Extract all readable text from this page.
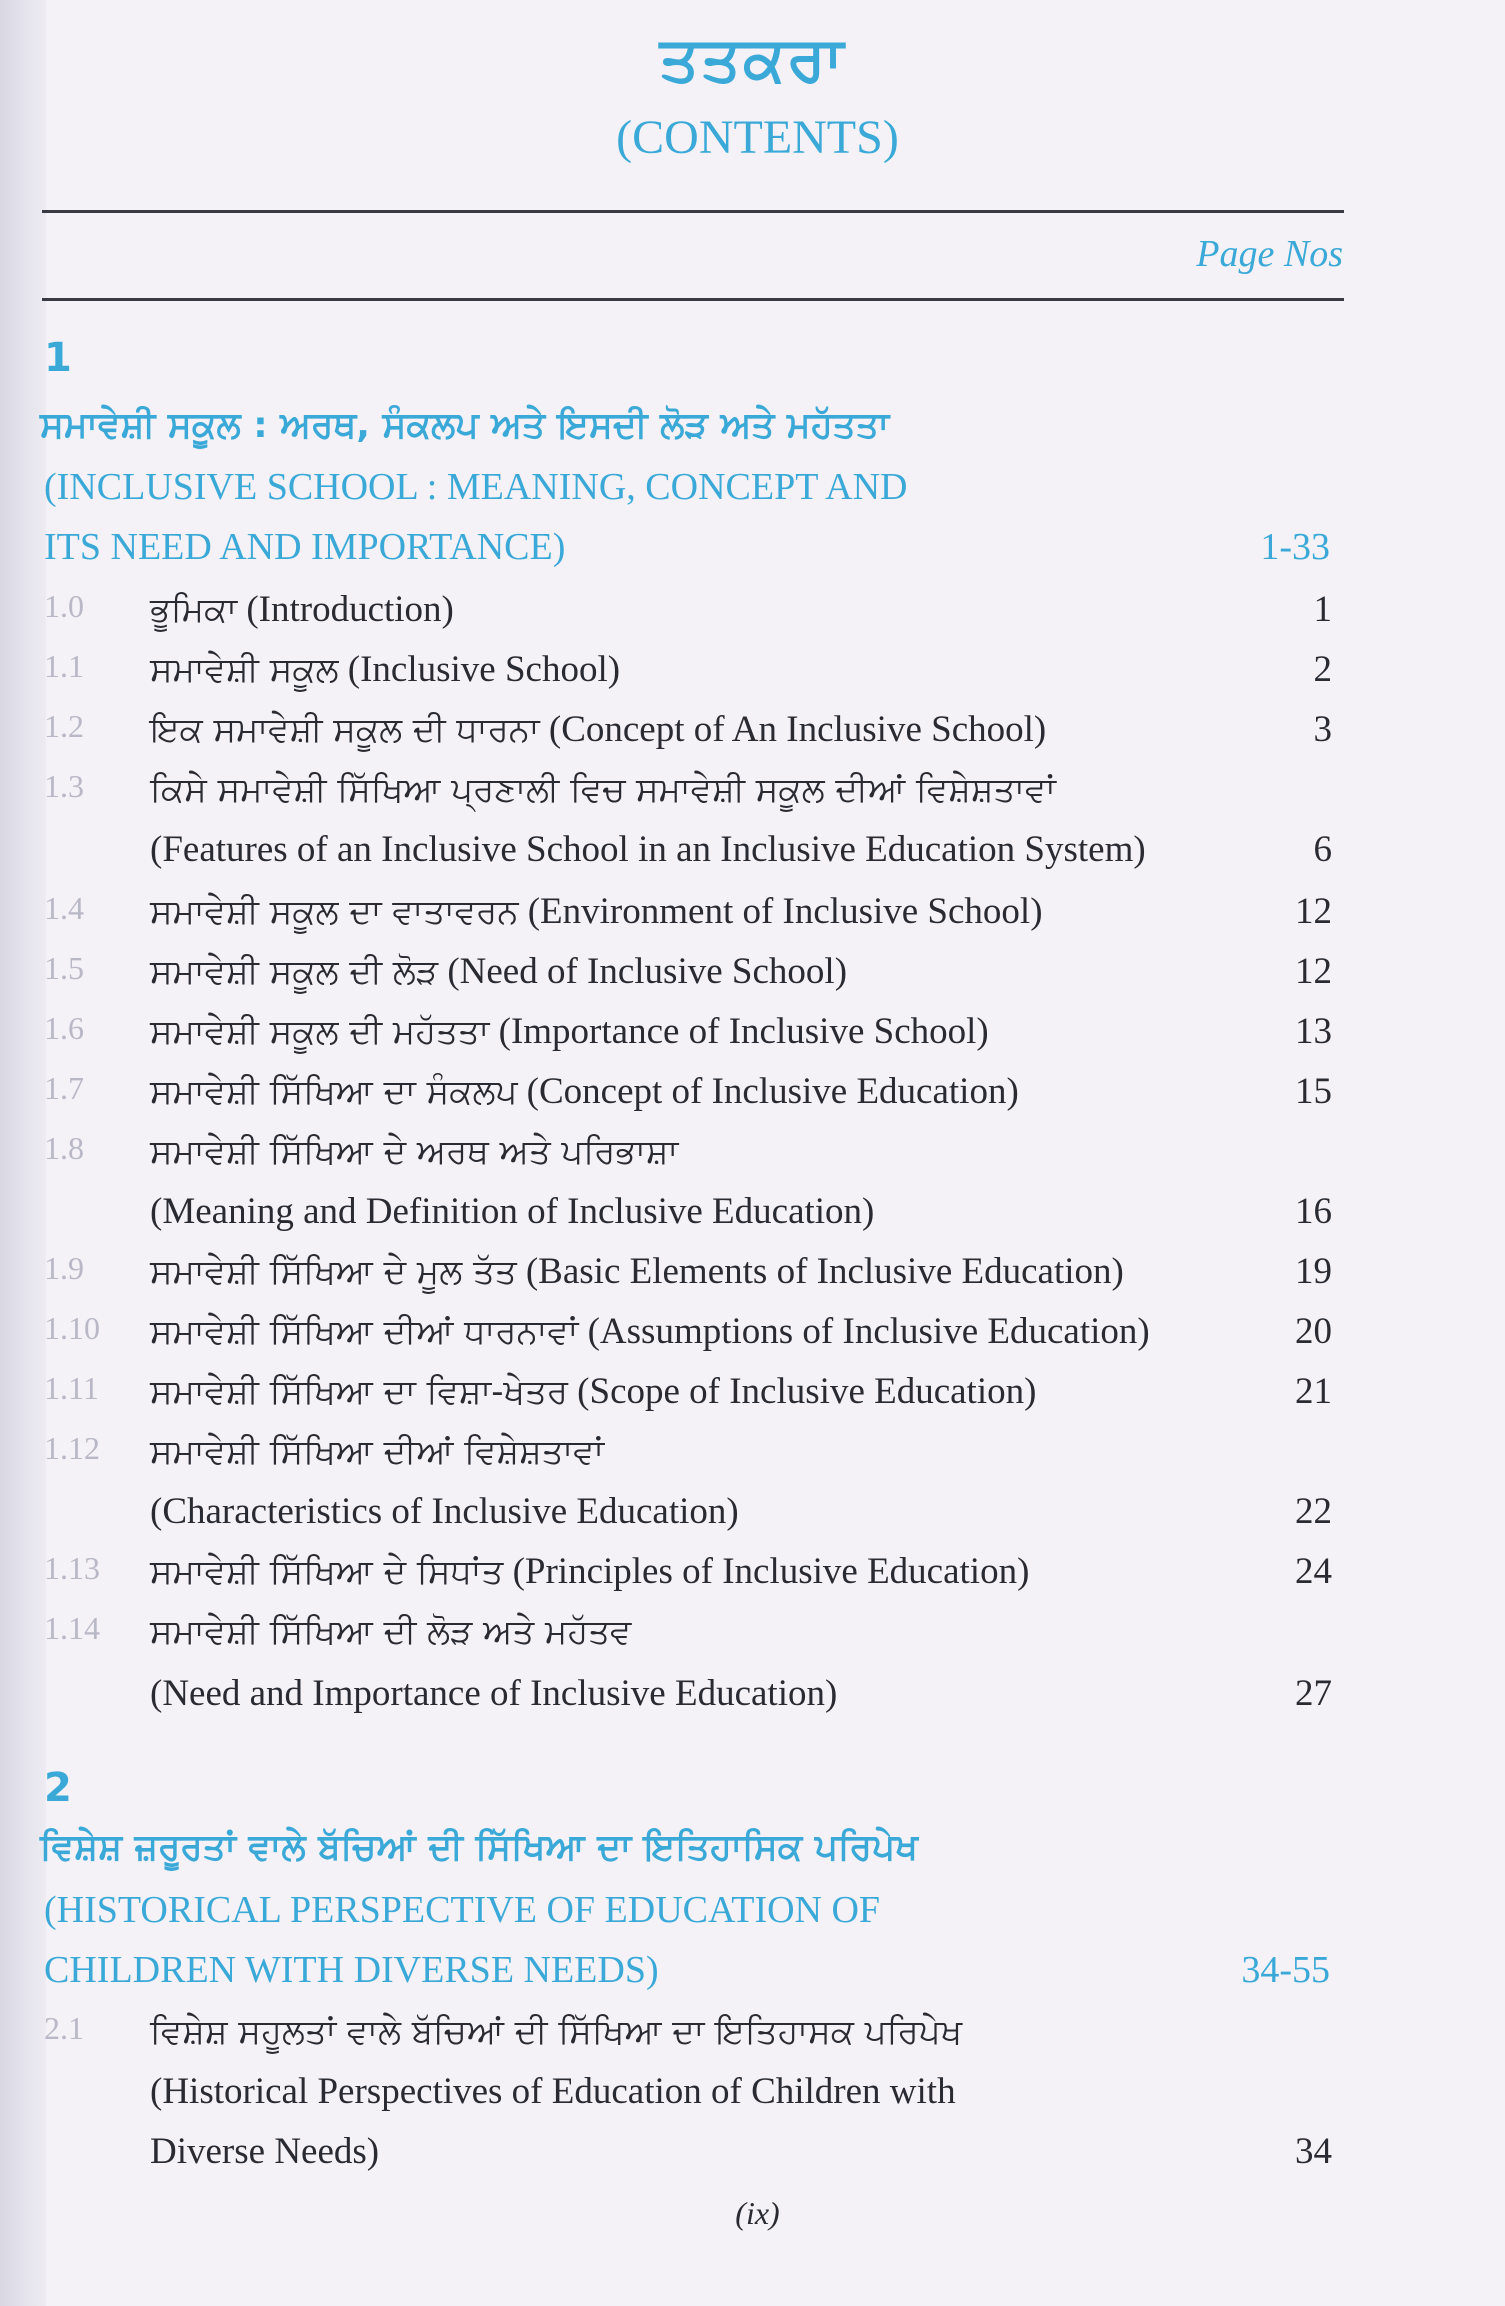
ਤਤਕਰਾ
(CONTENTS)
Page Nos
1
ਸਮਾਵੇਸ਼ੀ ਸਕੂਲ : ਅਰਥ, ਸੰਕਲਪ ਅਤੇ ਇਸਦੀ ਲੋੜ ਅਤੇ ਮਹੱਤਤਾ
(INCLUSIVE SCHOOL : MEANING, CONCEPT AND
ITS NEED AND IMPORTANCE)	1-33
1.0	ਭੂਮਿਕਾ (Introduction)	1
1.1	ਸਮਾਵੇਸ਼ੀ ਸਕੂਲ (Inclusive School)	2
1.2	ਇਕ ਸਮਾਵੇਸ਼ੀ ਸਕੂਲ ਦੀ ਧਾਰਨਾ (Concept of An Inclusive School)	3
1.3	ਕਿਸੇ ਸਮਾਵੇਸ਼ੀ ਸਿੱਖਿਆ ਪ੍ਰਣਾਲੀ ਵਿਚ ਸਮਾਵੇਸ਼ੀ ਸਕੂਲ ਦੀਆਂ ਵਿਸ਼ੇਸ਼ਤਾਵਾਂ
(Features of an Inclusive School in an Inclusive Education System)	6
1.4	ਸਮਾਵੇਸ਼ੀ ਸਕੂਲ ਦਾ ਵਾਤਾਵਰਨ (Environment of Inclusive School)	12
1.5	ਸਮਾਵੇਸ਼ੀ ਸਕੂਲ ਦੀ ਲੋੜ (Need of Inclusive School)	12
1.6	ਸਮਾਵੇਸ਼ੀ ਸਕੂਲ ਦੀ ਮਹੱਤਤਾ (Importance of Inclusive School)	13
1.7	ਸਮਾਵੇਸ਼ੀ ਸਿੱਖਿਆ ਦਾ ਸੰਕਲਪ (Concept of Inclusive Education)	15
1.8	ਸਮਾਵੇਸ਼ੀ ਸਿੱਖਿਆ ਦੇ ਅਰਥ ਅਤੇ ਪਰਿਭਾਸ਼ਾ
(Meaning and Definition of Inclusive Education)	16
1.9	ਸਮਾਵੇਸ਼ੀ ਸਿੱਖਿਆ ਦੇ ਮੂਲ ਤੱਤ (Basic Elements of Inclusive Education)	19
1.10 ਸਮਾਵੇਸ਼ੀ ਸਿੱਖਿਆ ਦੀਆਂ ਧਾਰਨਾਵਾਂ (Assumptions of Inclusive Education)	20
1.11 ਸਮਾਵੇਸ਼ੀ ਸਿੱਖਿਆ ਦਾ ਵਿਸ਼ਾ-ਖੇਤਰ (Scope of Inclusive Education)	21
1.12 ਸਮਾਵੇਸ਼ੀ ਸਿੱਖਿਆ ਦੀਆਂ ਵਿਸ਼ੇਸ਼ਤਾਵਾਂ
(Characteristics of Inclusive Education)	22
1.13 ਸਮਾਵੇਸ਼ੀ ਸਿੱਖਿਆ ਦੇ ਸਿਧਾਂਤ (Principles of Inclusive Education)	24
1.14 ਸਮਾਵੇਸ਼ੀ ਸਿੱਖਿਆ ਦੀ ਲੋੜ ਅਤੇ ਮਹੱਤਵ
(Need and Importance of Inclusive Education)	27
2
ਵਿਸ਼ੇਸ਼ ਜ਼ਰੂਰਤਾਂ ਵਾਲੇ ਬੱਚਿਆਂ ਦੀ ਸਿੱਖਿਆ ਦਾ ਇਤਿਹਾਸਿਕ ਪਰਿਪੇਖ
(HISTORICAL PERSPECTIVE OF EDUCATION OF
CHILDREN WITH DIVERSE NEEDS)	34-55
2.1	ਵਿਸ਼ੇਸ਼ ਸਹੂਲਤਾਂ ਵਾਲੇ ਬੱਚਿਆਂ ਦੀ ਸਿੱਖਿਆ ਦਾ ਇਤਿਹਾਸਕ ਪਰਿਪੇਖ
(Historical Perspectives of Education of Children with
Diverse Needs)	34
(ix)
